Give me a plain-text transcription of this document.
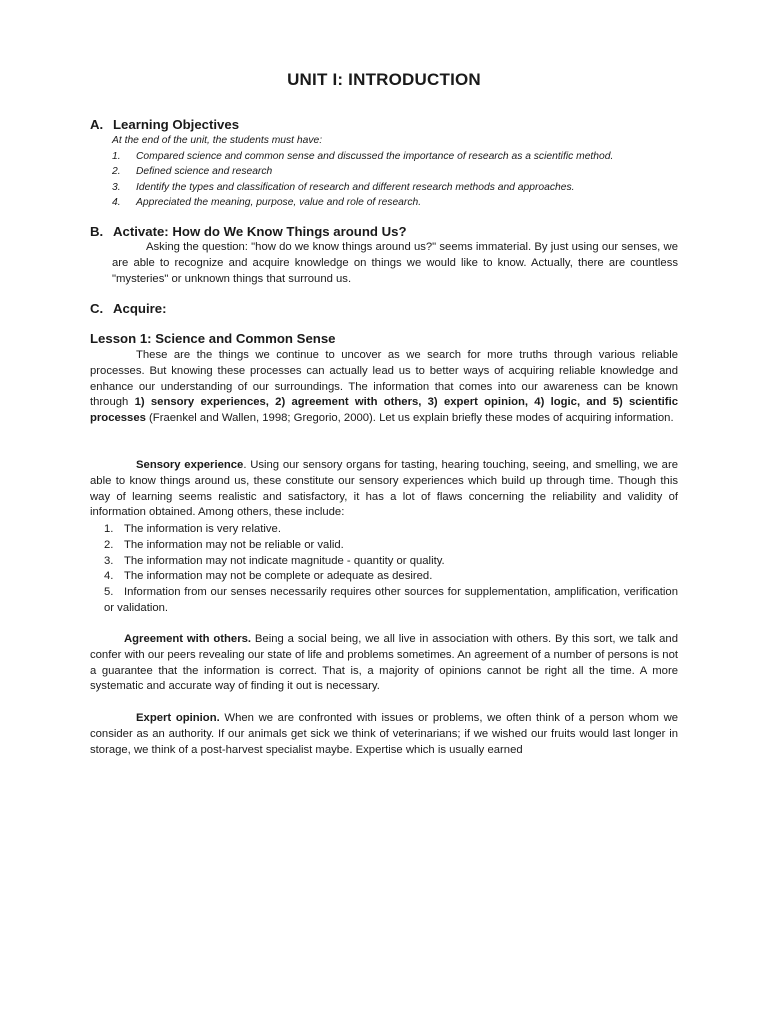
UNIT I: INTRODUCTION
A. Learning Objectives
At the end of the unit, the students must have:
1. Compared science and common sense and discussed the importance of research as a scientific method.
2. Defined science and research
3. Identify the types and classification of research and different research methods and approaches.
4. Appreciated the meaning, purpose, value and role of research.
B. Activate: How do We Know Things around Us?
Asking the question: "how do we know things around us?" seems immaterial. By just using our senses, we are able to recognize and acquire knowledge on things we would like to know. Actually, there are countless "mysteries" or unknown things that surround us.
C. Acquire:
Lesson 1: Science and Common Sense
These are the things we continue to uncover as we search for more truths through various reliable processes. But knowing these processes can actually lead us to better ways of acquiring reliable knowledge and enhance our understanding of our surroundings. The information that comes into our awareness can be known through 1) sensory experiences, 2) agreement with others, 3) expert opinion, 4) logic, and 5) scientific processes (Fraenkel and Wallen, 1998; Gregorio, 2000). Let us explain briefly these modes of acquiring information.
Sensory experience. Using our sensory organs for tasting, hearing touching, seeing, and smelling, we are able to know things around us, these constitute our sensory experiences which build up through time. Though this way of learning seems realistic and satisfactory, it has a lot of flaws concerning the reliability and validity of information obtained. Among others, these include:
1. The information is very relative.
2. The information may not be reliable or valid.
3. The information may not indicate magnitude - quantity or quality.
4. The information may not be complete or adequate as desired.
5. Information from our senses necessarily requires other sources for supplementation, amplification, verification or validation.
Agreement with others. Being a social being, we all live in association with others. By this sort, we talk and confer with our peers revealing our state of life and problems sometimes. An agreement of a number of persons is not a guarantee that the information is correct. That is, a majority of opinions cannot be right all the time. A more systematic and accurate way of finding it out is necessary.
Expert opinion. When we are confronted with issues or problems, we often think of a person whom we consider as an authority. If our animals get sick we think of veterinarians; if we wished our fruits would last longer in storage, we think of a post-harvest specialist maybe. Expertise which is usually earned
